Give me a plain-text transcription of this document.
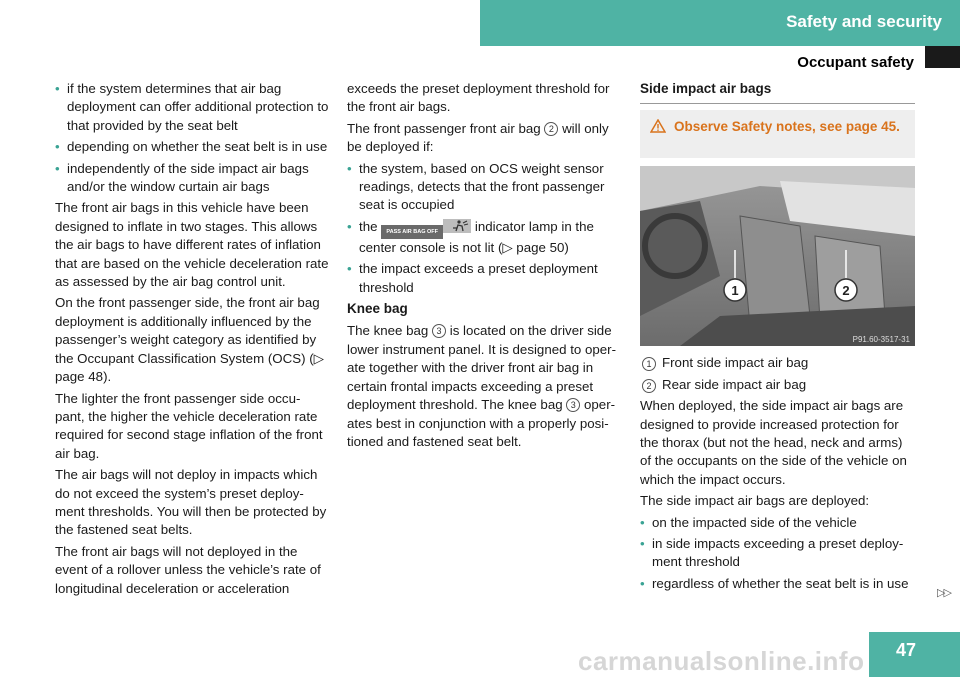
Safety and security
Occupant safety
• if the system determines that air bag deployment can offer additional protection to that provided by the seat belt
• depending on whether the seat belt is in use
• independently of the side impact air bags and/or the window curtain air bags

The front air bags in this vehicle have been designed to inflate in two stages. This allows the air bags to have different rates of inflation that are based on the vehicle deceleration rate as assessed by the air bag control unit.

On the front passenger side, the front air bag deployment is additionally influenced by the passenger’s weight category as identified by the Occupant Classification System (OCS) (▷ page 48).

The lighter the front passenger side occu- pant, the higher the vehicle deceleration rate required for second stage inflation of the front air bag.

The air bags will not deploy in impacts which do not exceed the system’s preset deploy- ment thresholds. You will then be protected by the fastened seat belts.

The front air bags will not deployed in the event of a rollover unless the vehicle’s rate of longitudinal deceleration or acceleration

exceeds the preset deployment threshold for the front air bags.

The front passenger front air bag 2 will only be deployed if:

• the system, based on OCS weight sensor readings, detects that the front passenger seat is occupied
• the PASS AIR BAG OFF	indicator lamp in the center console is not lit (▷ page 50)
• the impact exceeds a preset deployment threshold
Knee bag

The knee bag 3 is located on the driver side lower instrument panel. It is designed to oper- ate together with the driver front air bag in certain frontal impacts exceeding a preset deployment threshold. The knee bag 3 oper- ates best in conjunction with a properly posi- tioned and fastened seat belt.

Side impact air bags
Observe Safety notes, see page 45.
1	2
P91.60-3517-31
1 Front side impact air bag
2 Rear side impact air bag

When deployed, the side impact air bags are designed to provide increased protection for the thorax (but not the head, neck and arms) of the occupants on the side of the vehicle on which the impact occurs.

The side impact air bags are deployed:

• on the impacted side of the vehicle
• in side impacts exceeding a preset deploy- ment threshold
• regardless of whether the seat belt is in use
▷▷
carmanualsonline.info 47
